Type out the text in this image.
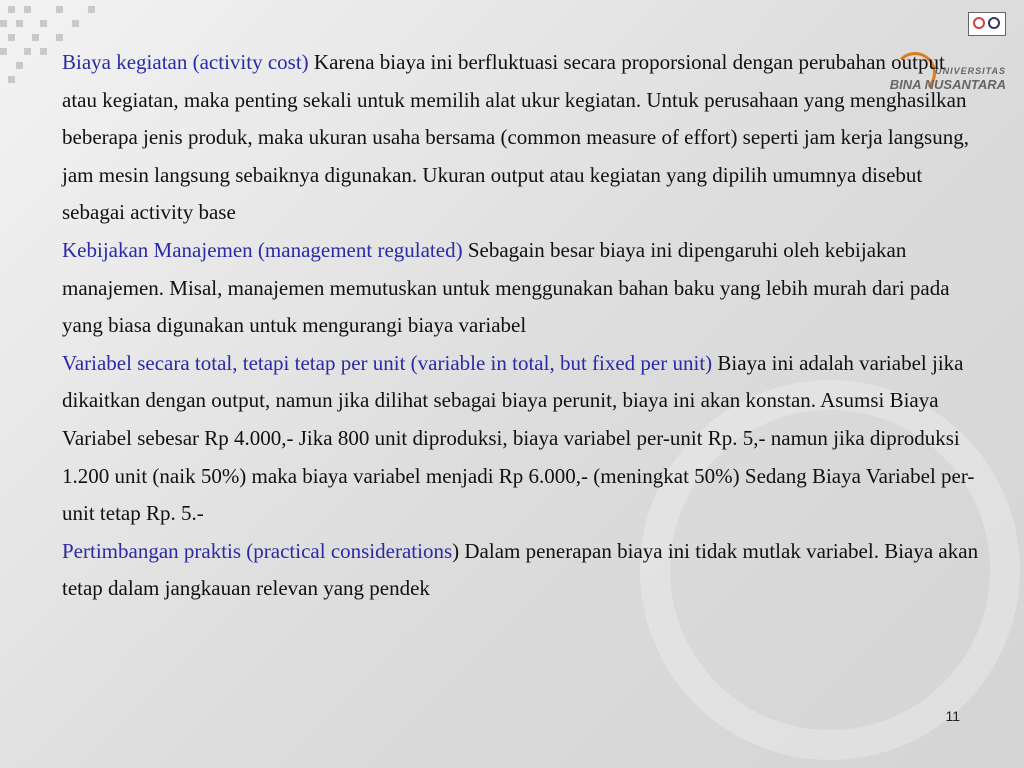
UNIVERSITAS
BINA NUSANTARA

Biaya kegiatan (activity cost) Karena biaya ini berfluktuasi secara proporsional dengan perubahan output atau kegiatan, maka penting sekali untuk memilih alat ukur kegiatan. Untuk perusahaan yang menghasilkan beberapa jenis produk, maka ukuran usaha bersama (common measure of effort) seperti jam kerja langsung, jam mesin langsung sebaiknya digunakan. Ukuran output atau kegiatan yang dipilih umumnya disebut sebagai activity base

Kebijakan Manajemen (management regulated) Sebagain besar biaya ini dipengaruhi oleh kebijakan manajemen. Misal, manajemen memutuskan untuk menggunakan bahan baku yang lebih murah dari pada yang biasa digunakan untuk mengurangi biaya variabel

Variabel secara total, tetapi tetap per unit (variable in total, but fixed per unit) Biaya ini adalah variabel jika dikaitkan dengan output, namun jika dilihat sebagai biaya perunit, biaya ini akan konstan. Asumsi Biaya Variabel sebesar Rp 4.000,- Jika 800 unit diproduksi, biaya variabel per-unit Rp. 5,- namun jika diproduksi 1.200 unit (naik 50%) maka biaya variabel menjadi Rp 6.000,- (meningkat 50%) Sedang Biaya Variabel per-unit tetap Rp. 5.-

Pertimbangan praktis (practical considerations) Dalam penerapan biaya ini tidak mutlak variabel. Biaya akan tetap dalam jangkauan relevan yang pendek

11
